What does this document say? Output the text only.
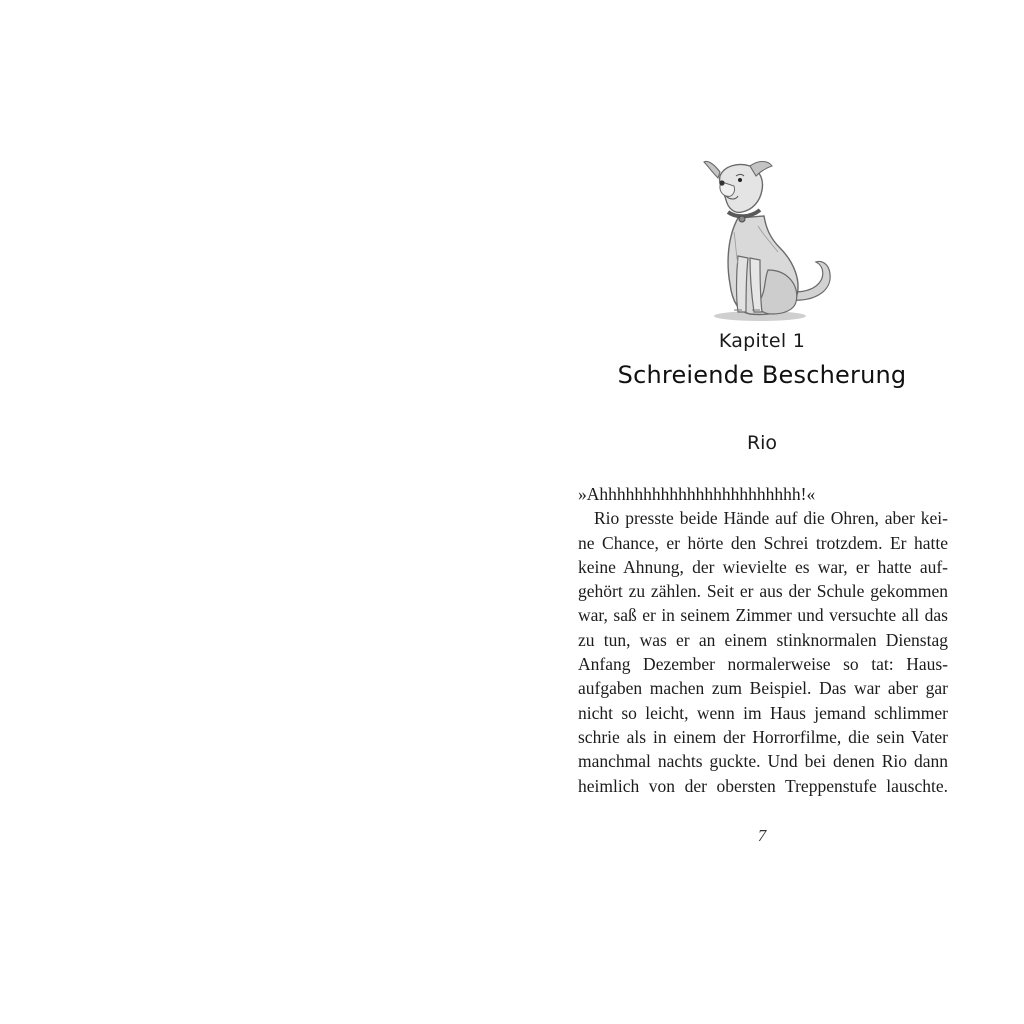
Kapitel 1
Schreiende Bescherung
Rio
»Ahhhhhhhhhhhhhhhhhhhhhhh!«
Rio presste beide Hände auf die Ohren, aber kei-
ne Chance, er hörte den Schrei trotzdem. Er hatte
keine Ahnung, der wievielte es war, er hatte auf-
gehört zu zählen. Seit er aus der Schule gekommen
war, saß er in seinem Zimmer und versuchte all das
zu tun, was er an einem stinknormalen Dienstag
Anfang Dezember normalerweise so tat: Haus-
aufgaben machen zum Beispiel. Das war aber gar
nicht so leicht, wenn im Haus jemand schlimmer
schrie als in einem der Horrorfilme, die sein Vater
manchmal nachts guckte. Und bei denen Rio dann
heimlich von der obersten Treppenstufe lauschte.
7
